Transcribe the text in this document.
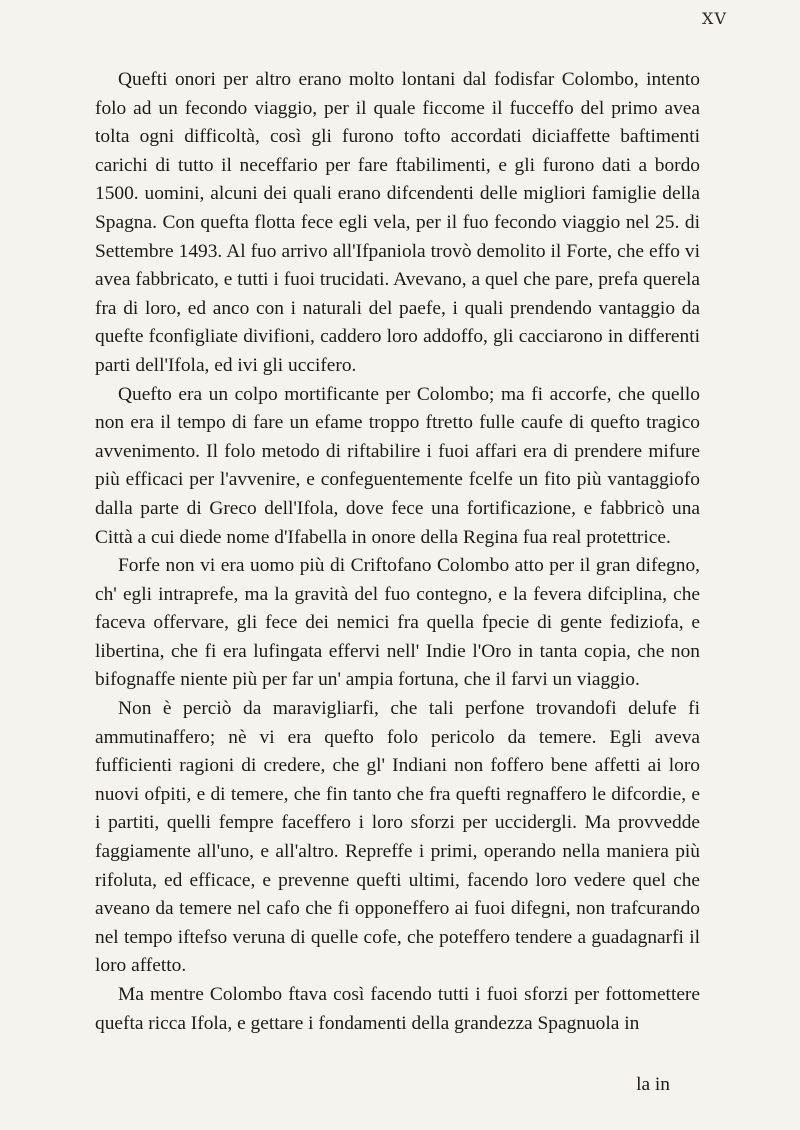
XV

Quefti onori per altro erano molto lontani dal fodisfar Colombo, intento folo ad un fecondo viaggio, per il quale ficcome il fucceffo del primo avea tolta ogni difficoltà, così gli furono tofto accordati diciaffette baftimenti carichi di tutto il neceffario per fare ftabilimenti, e gli furono dati a bordo 1500. uomini, alcuni dei quali erano difcendenti delle migliori famiglie della Spagna. Con quefta flotta fece egli vela, per il fuo fecondo viaggio nel 25. di Settembre 1493. Al fuo arrivo all'Ifpaniola trovò demolito il Forte, che effo vi avea fabbricato, e tutti i fuoi trucidati. Avevano, a quel che pare, prefa querela fra di loro, ed anco con i naturali del paefe, i quali prendendo vantaggio da quefte fconfigliate divifioni, caddero loro addoffo, gli cacciarono in differenti parti dell'Ifola, ed ivi gli uccifero.

Quefto era un colpo mortificante per Colombo; ma fi accorfe, che quello non era il tempo di fare un efame troppo ftretto fulle caufe di quefto tragico avvenimento. Il folo metodo di riftabilire i fuoi affari era di prendere mifure più efficaci per l'avvenire, e confeguentemente fcelfe un fito più vantaggiofo dalla parte di Greco dell'Ifola, dove fece una fortificazione, e fabbricò una Città a cui diede nome d'Ifabella in onore della Regina fua real protettrice.

Forfe non vi era uomo più di Criftofano Colombo atto per il gran difegno, ch' egli intraprefe, ma la gravità del fuo contegno, e la fevera difciplina, che faceva offervare, gli fece dei nemici fra quella fpecie di gente fediziofa, e libertina, che fi era lufingata effervi nell' Indie l'Oro in tanta copia, che non bifognaffe niente più per far un' ampia fortuna, che il farvi un viaggio.

Non è perciò da maravigliarfi, che tali perfone trovandofi delufe fi ammutinaffero; nè vi era quefto folo pericolo da temere. Egli aveva fufficienti ragioni di credere, che gl' Indiani non foffero bene affetti ai loro nuovi ofpiti, e di temere, che fin tanto che fra quefti regnaffero le difcordie, e i partiti, quelli fempre faceffero i loro sforzi per uccidergli. Ma provvedde faggiamente all'uno, e all'altro. Repreffe i primi, operando nella maniera più rifoluta, ed efficace, e prevenne quefti ultimi, facendo loro vedere quel che aveano da temere nel cafo che fi opponeffero ai fuoi difegni, non trafcurando nel tempo iftefso veruna di quelle cofe, che poteffero tendere a guadagnarfi il loro affetto.

Ma mentre Colombo ftava così facendo tutti i fuoi sforzi per fottomettere quefta ricca Ifola, e gettare i fondamenti della grandezza Spagnuola in

la in
